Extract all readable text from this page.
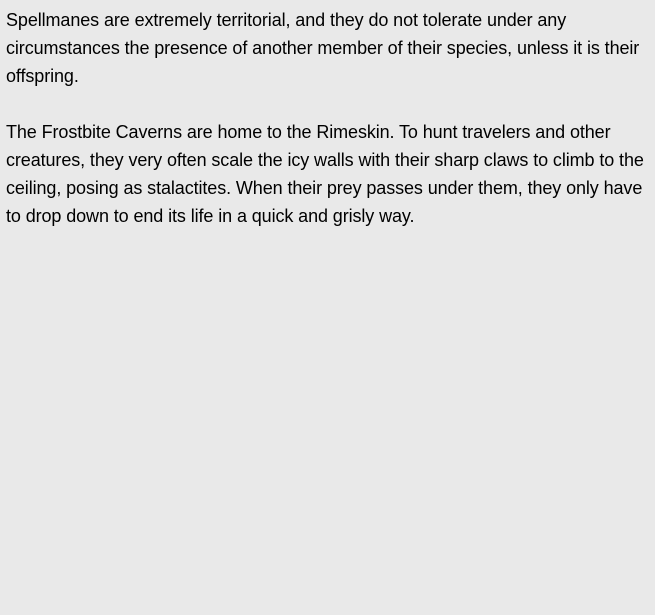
Spellmanes are extremely territorial, and they do not tolerate under any circumstances the presence of another member of their species, unless it is their offspring.

The Frostbite Caverns are home to the Rimeskin. To hunt travelers and other creatures, they very often scale the icy walls with their sharp claws to climb to the ceiling, posing as stalactites. When their prey passes under them, they only have to drop down to end its life in a quick and grisly way.
